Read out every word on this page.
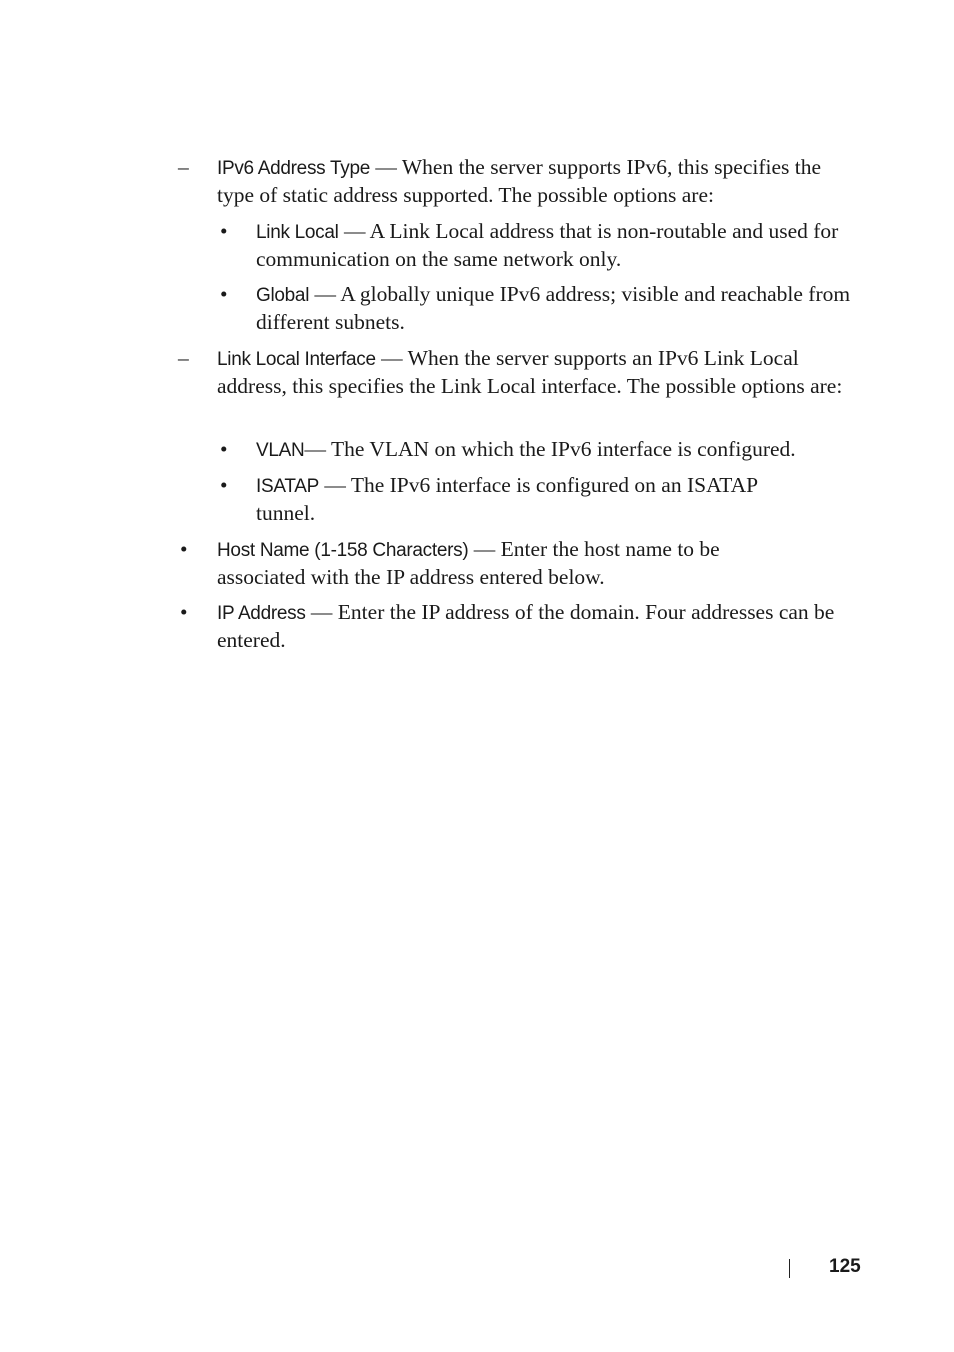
– IPv6 Address Type — When the server supports IPv6, this specifies the type of static address supported. The possible options are:
• Link Local — A Link Local address that is non-routable and used for communication on the same network only.
• Global — A globally unique IPv6 address; visible and reachable from different subnets.
– Link Local Interface — When the server supports an IPv6 Link Local address, this specifies the Link Local interface. The possible options are:
• VLAN— The VLAN on which the IPv6 interface is configured.
• ISATAP — The IPv6 interface is configured on an ISATAP tunnel.
• Host Name (1-158 Characters) — Enter the host name to be associated with the IP address entered below.
• IP Address — Enter the IP address of the domain. Four addresses can be entered.
125
